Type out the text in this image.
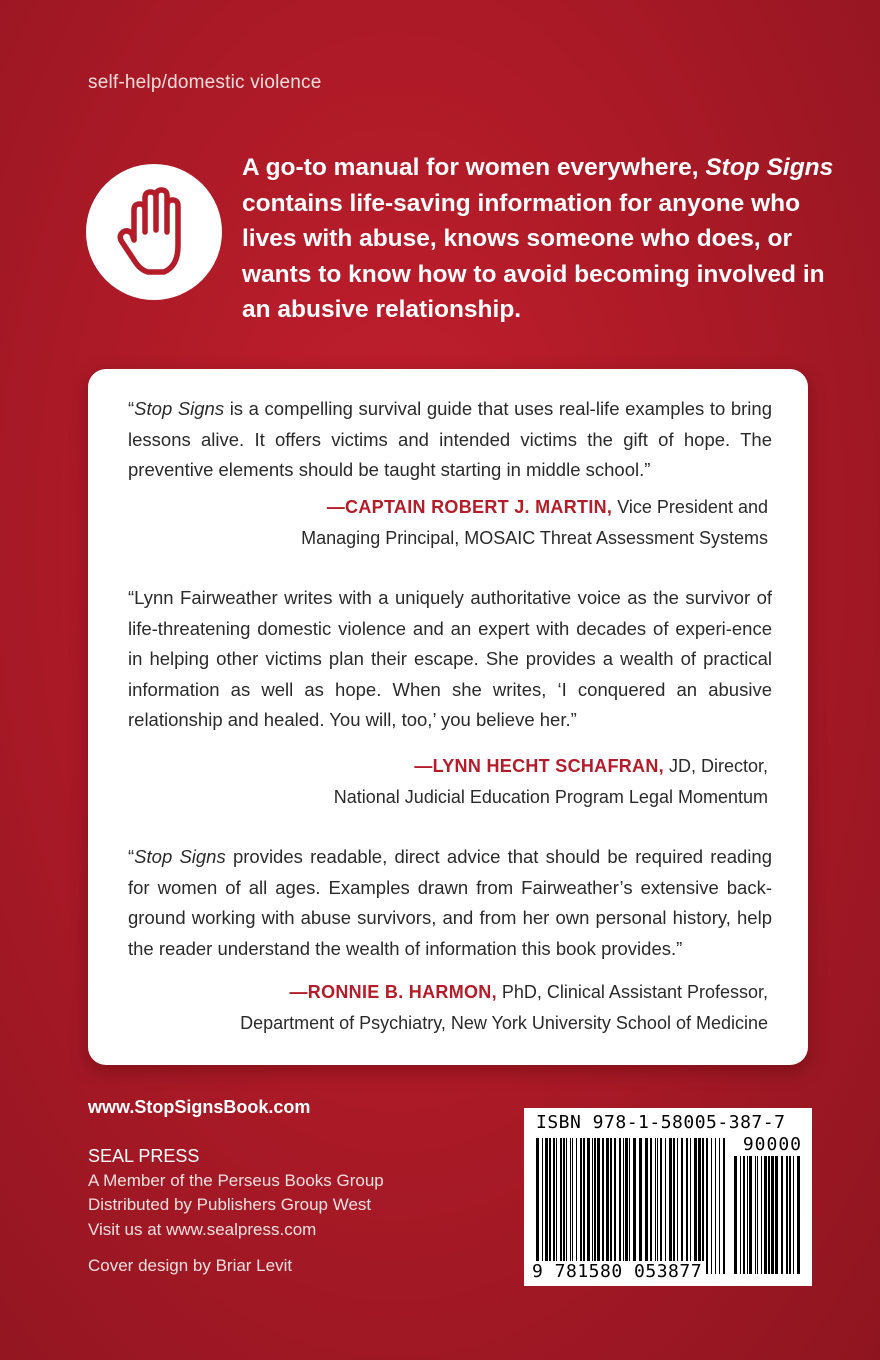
self-help/domestic violence
A go-to manual for women everywhere, Stop Signs contains life-saving information for anyone who lives with abuse, knows someone who does, or wants to know how to avoid becoming involved in an abusive relationship.
“Stop Signs is a compelling survival guide that uses real-life examples to bring lessons alive. It offers victims and intended victims the gift of hope. The preventive elements should be taught starting in middle school.”
—CAPTAIN ROBERT J. MARTIN, Vice President and
Managing Principal, MOSAIC Threat Assessment Systems
“Lynn Fairweather writes with a uniquely authoritative voice as the survivor of life-threatening domestic violence and an expert with decades of experi-ence in helping other victims plan their escape. She provides a wealth of practical information as well as hope. When she writes, ‘I conquered an abusive relationship and healed. You will, too,’ you believe her.”
—LYNN HECHT SCHAFRAN, JD, Director,
National Judicial Education Program Legal Momentum
“Stop Signs provides readable, direct advice that should be required reading for women of all ages. Examples drawn from Fairweather’s extensive back-ground working with abuse survivors, and from her own personal history, help the reader understand the wealth of information this book provides.”
—RONNIE B. HARMON, PhD, Clinical Assistant Professor,
Department of Psychiatry, New York University School of Medicine
www.StopSignsBook.com
SEAL PRESS
A Member of the Perseus Books Group
Distributed by Publishers Group West
Visit us at www.sealpress.com
Cover design by Briar Levit
ISBN 978-1-58005-387-7
90000
9 781580 053877
